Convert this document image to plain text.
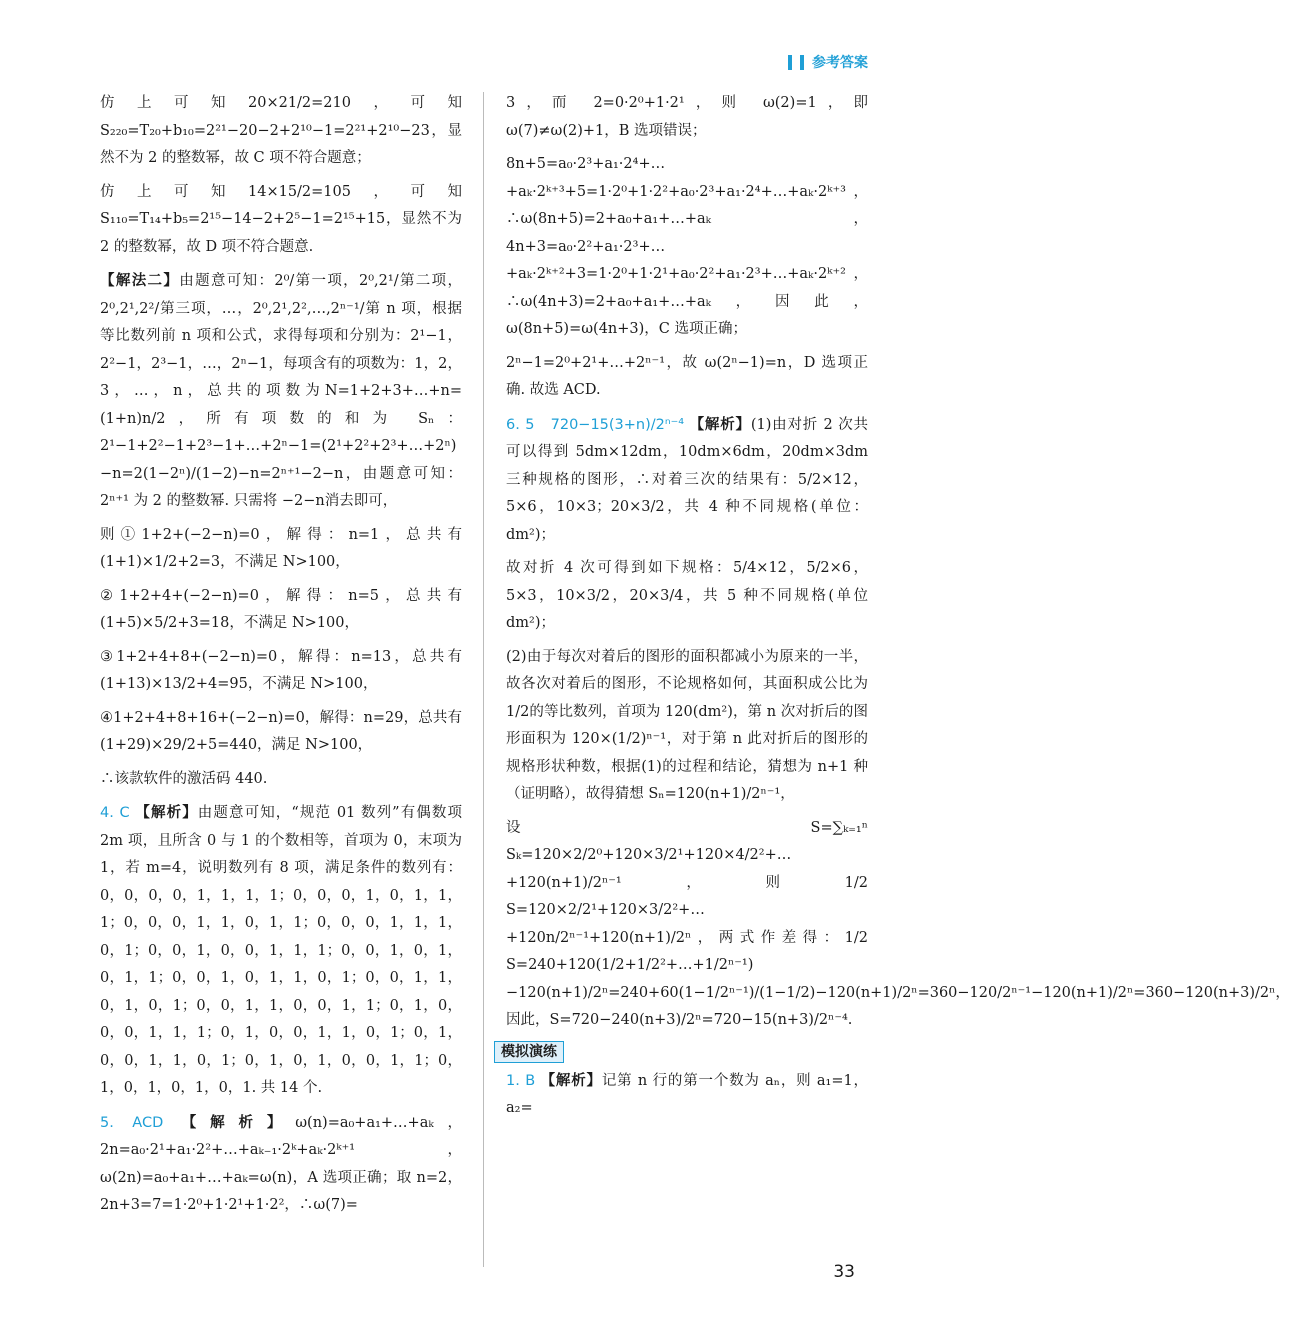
参考答案

仿上可知20×21/2=210，可知 S₂₂₀=T₂₀+b₁₀=2²¹−20−2+2¹⁰−1=2²¹+2¹⁰−23，显然不为 2 的整数幂，故 C 项不符合题意；

仿上可知14×15/2=105，可知 S₁₁₀=T₁₄+b₅=2¹⁵−14−2+2⁵−1=2¹⁵+15，显然不为 2 的整数幂，故 D 项不符合题意.

【解法二】由题意可知：2⁰/第一项，2⁰,2¹/第二项，2⁰,2¹,2²/第三项，…，2⁰,2¹,2²,…,2ⁿ⁻¹/第 n 项，根据等比数列前 n 项和公式，求得每项和分别为：2¹−1，2²−1，2³−1，…，2ⁿ−1，每项含有的项数为：1，2，3，…，n，总共的项数为N=1+2+3+…+n=(1+n)n/2，所有项数的和为 Sₙ：2¹−1+2²−1+2³−1+…+2ⁿ−1=(2¹+2²+2³+…+2ⁿ)−n=2(1−2ⁿ)/(1−2)−n=2ⁿ⁺¹−2−n，由题意可知：2ⁿ⁺¹ 为 2 的整数幂. 只需将 −2−n消去即可，

则①1+2+(−2−n)=0，解得：n=1，总共有(1+1)×1/2+2=3，不满足 N>100，

②1+2+4+(−2−n)=0，解得：n=5，总共有(1+5)×5/2+3=18，不满足 N>100，

③1+2+4+8+(−2−n)=0，解得：n=13，总共有(1+13)×13/2+4=95，不满足 N>100，

④1+2+4+8+16+(−2−n)=0，解得：n=29，总共有(1+29)×29/2+5=440，满足 N>100，

∴该款软件的激活码 440.

4. C 【解析】由题意可知，“规范 01 数列”有偶数项 2m 项，且所含 0 与 1 的个数相等，首项为 0，末项为 1，若 m=4，说明数列有 8 项，满足条件的数列有：0，0，0，0，1，1，1，1；0，0，0，1，0，1，1，1；0，0，0，1，1，0，1，1；0，0，0，1，1，1，0，1；0，0，1，0，0，1，1，1；0，0，1，0，1，0，1，1；0，0，1，0，1，1，0，1；0，0，1，1，0，1，0，1；0，0，1，1，0，0，1，1；0，1，0，0，0，1，1，1；0，1，0，0，1，1，0，1；0，1，0，0，1，1，0，1；0，1，0，1，0，0，1，1；0，1，0，1，0，1，0，1. 共 14 个.

5. ACD 【解析】ω(n)=a₀+a₁+…+aₖ，2n=a₀·2¹+a₁·2²+…+aₖ₋₁·2ᵏ+aₖ·2ᵏ⁺¹，ω(2n)=a₀+a₁+…+aₖ=ω(n)，A 选项正确；取 n=2，2n+3=7=1·2⁰+1·2¹+1·2²，∴ω(7)=

3，而 2=0·2⁰+1·2¹，则 ω(2)=1，即 ω(7)≠ω(2)+1，B 选项错误；

8n+5=a₀·2³+a₁·2⁴+…+aₖ·2ᵏ⁺³+5=1·2⁰+1·2²+a₀·2³+a₁·2⁴+…+aₖ·2ᵏ⁺³，∴ω(8n+5)=2+a₀+a₁+…+aₖ，4n+3=a₀·2²+a₁·2³+…+aₖ·2ᵏ⁺²+3=1·2⁰+1·2¹+a₀·2²+a₁·2³+…+aₖ·2ᵏ⁺²，∴ω(4n+3)=2+a₀+a₁+…+aₖ，因此，ω(8n+5)=ω(4n+3)，C 选项正确；

2ⁿ−1=2⁰+2¹+…+2ⁿ⁻¹，故 ω(2ⁿ−1)=n，D 选项正确. 故选 ACD.

6. 5　720−15(3+n)/2ⁿ⁻⁴ 【解析】(1)由对折 2 次共可以得到 5dm×12dm，10dm×6dm，20dm×3dm 三种规格的图形，∴对着三次的结果有：5/2×12，5×6，10×3；20×3/2，共 4 种不同规格(单位：dm²)；

故对折 4 次可得到如下规格：5/4×12，5/2×6，5×3，10×3/2，20×3/4，共 5 种不同规格(单位 dm²)；

(2)由于每次对着后的图形的面积都减小为原来的一半，故各次对着后的图形，不论规格如何，其面积成公比为1/2的等比数列，首项为 120(dm²)，第 n 次对折后的图形面积为 120×(1/2)ⁿ⁻¹，对于第 n 此对折后的图形的规格形状种数，根据(1)的过程和结论，猜想为 n+1 种（证明略），故得猜想 Sₙ=120(n+1)/2ⁿ⁻¹，

设 S=∑ₖ₌₁ⁿ Sₖ=120×2/2⁰+120×3/2¹+120×4/2²+…+120(n+1)/2ⁿ⁻¹，则1/2 S=120×2/2¹+120×3/2²+…+120n/2ⁿ⁻¹+120(n+1)/2ⁿ，两式作差得：1/2 S=240+120(1/2+1/2²+…+1/2ⁿ⁻¹)−120(n+1)/2ⁿ=240+60(1−1/2ⁿ⁻¹)/(1−1/2)−120(n+1)/2ⁿ=360−120/2ⁿ⁻¹−120(n+1)/2ⁿ=360−120(n+3)/2ⁿ，因此，S=720−240(n+3)/2ⁿ=720−15(n+3)/2ⁿ⁻⁴.

模拟演练

1. B 【解析】记第 n 行的第一个数为 aₙ，则 a₁=1，a₂=

33
